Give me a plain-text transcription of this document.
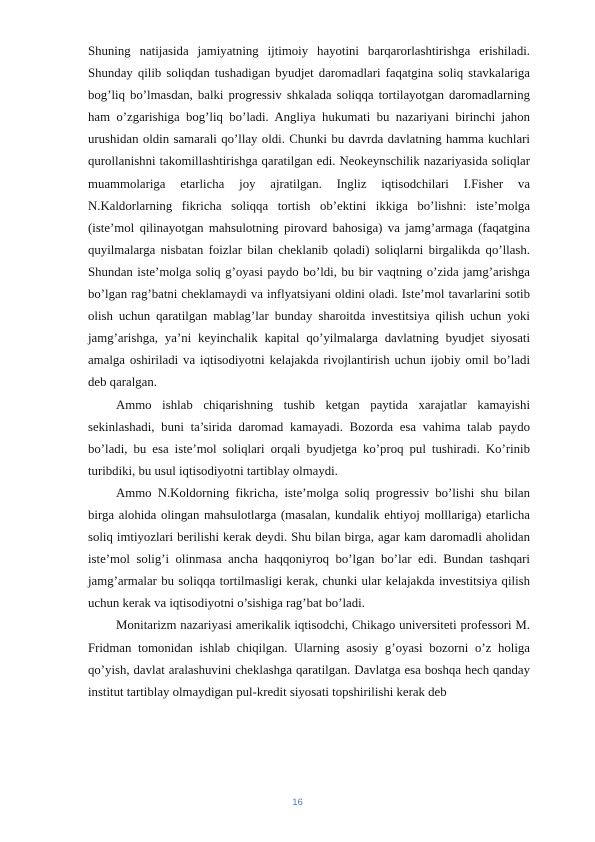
Shuning natijasida jamiyatning ijtimoiy hayotini barqarorlashtirishga erishiladi. Shunday qilib soliqdan tushadigan byudjet daromadlari faqatgina soliq stavkalariga bog’liq bo’lmasdan, balki progressiv shkalada soliqqa tortilayotgan daromadlarning ham o’zgarishiga bog’liq bo’ladi. Angliya hukumati bu nazariyani birinchi jahon urushidan oldin samarali qo’llay oldi. Chunki bu davrda davlatning hamma kuchlari qurollanishni takomillashtirishga qaratilgan edi. Neokeynschilik nazariyasida soliqlar muammolariga etarlicha joy ajratilgan. Ingliz iqtisodchilari I.Fisher va N.Kaldorlarning fikricha soliqqa tortish ob’ektini ikkiga bo’lishni: iste’molga (iste’mol qilinayotgan mahsulotning pirovard bahosiga) va jamg’armaga (faqatgina quyilmalarga nisbatan foizlar bilan cheklanib qoladi) soliqlarni birgalikda qo’llash. Shundan iste’molga soliq g’oyasi paydo bo’ldi, bu bir vaqtning o’zida jamg’arishga bo’lgan rag’batni cheklamaydi va inflyatsiyani oldini oladi. Iste’mol tavarlarini sotib olish uchun qaratilgan mablag’lar bunday sharoitda investitsiya qilish uchun yoki jamg’arishga, ya’ni keyinchalik kapital qo’yilmalarga davlatning byudjet siyosati amalga oshiriladi va iqtisodiyotni kelajakda rivojlantirish uchun ijobiy omil bo’ladi deb qaralgan.

Ammo ishlab chiqarishning tushib ketgan paytida xarajatlar kamayishi sekinlashadi, buni ta’sirida daromad kamayadi. Bozorda esa vahima talab paydo bo’ladi, bu esa iste’mol soliqlari orqali byudjetga ko’proq pul tushiradi. Ko’rinib turibdiki, bu usul iqtisodiyotni tartiblay olmaydi.

Ammo N.Koldorning fikricha, iste’molga soliq progressiv bo’lishi shu bilan birga alohida olingan mahsulotlarga (masalan, kundalik ehtiyoj molllariga) etarlicha soliq imtiyozlari berilishi kerak deydi. Shu bilan birga, agar kam daromadli aholidan iste’mol solig’i olinmasa ancha haqqoniyroq bo’lgan bo’lar edi. Bundan tashqari jamg’armalar bu soliqqa tortilmasligi kerak, chunki ular kelajakda investitsiya qilish uchun kerak va iqtisodiyotni o’sishiga rag’bat bo’ladi.

Monitarizm nazariyasi amerikalik iqtisodchi, Chikago universiteti professori M. Fridman tomonidan ishlab chiqilgan. Ularning asosiy g’oyasi bozorni o’z holiga qo’yish, davlat aralashuvini cheklashga qaratilgan. Davlatga esa boshqa hech qanday institut tartiblay olmaydigan pul-kredit siyosati topshirilishi kerak deb

16
